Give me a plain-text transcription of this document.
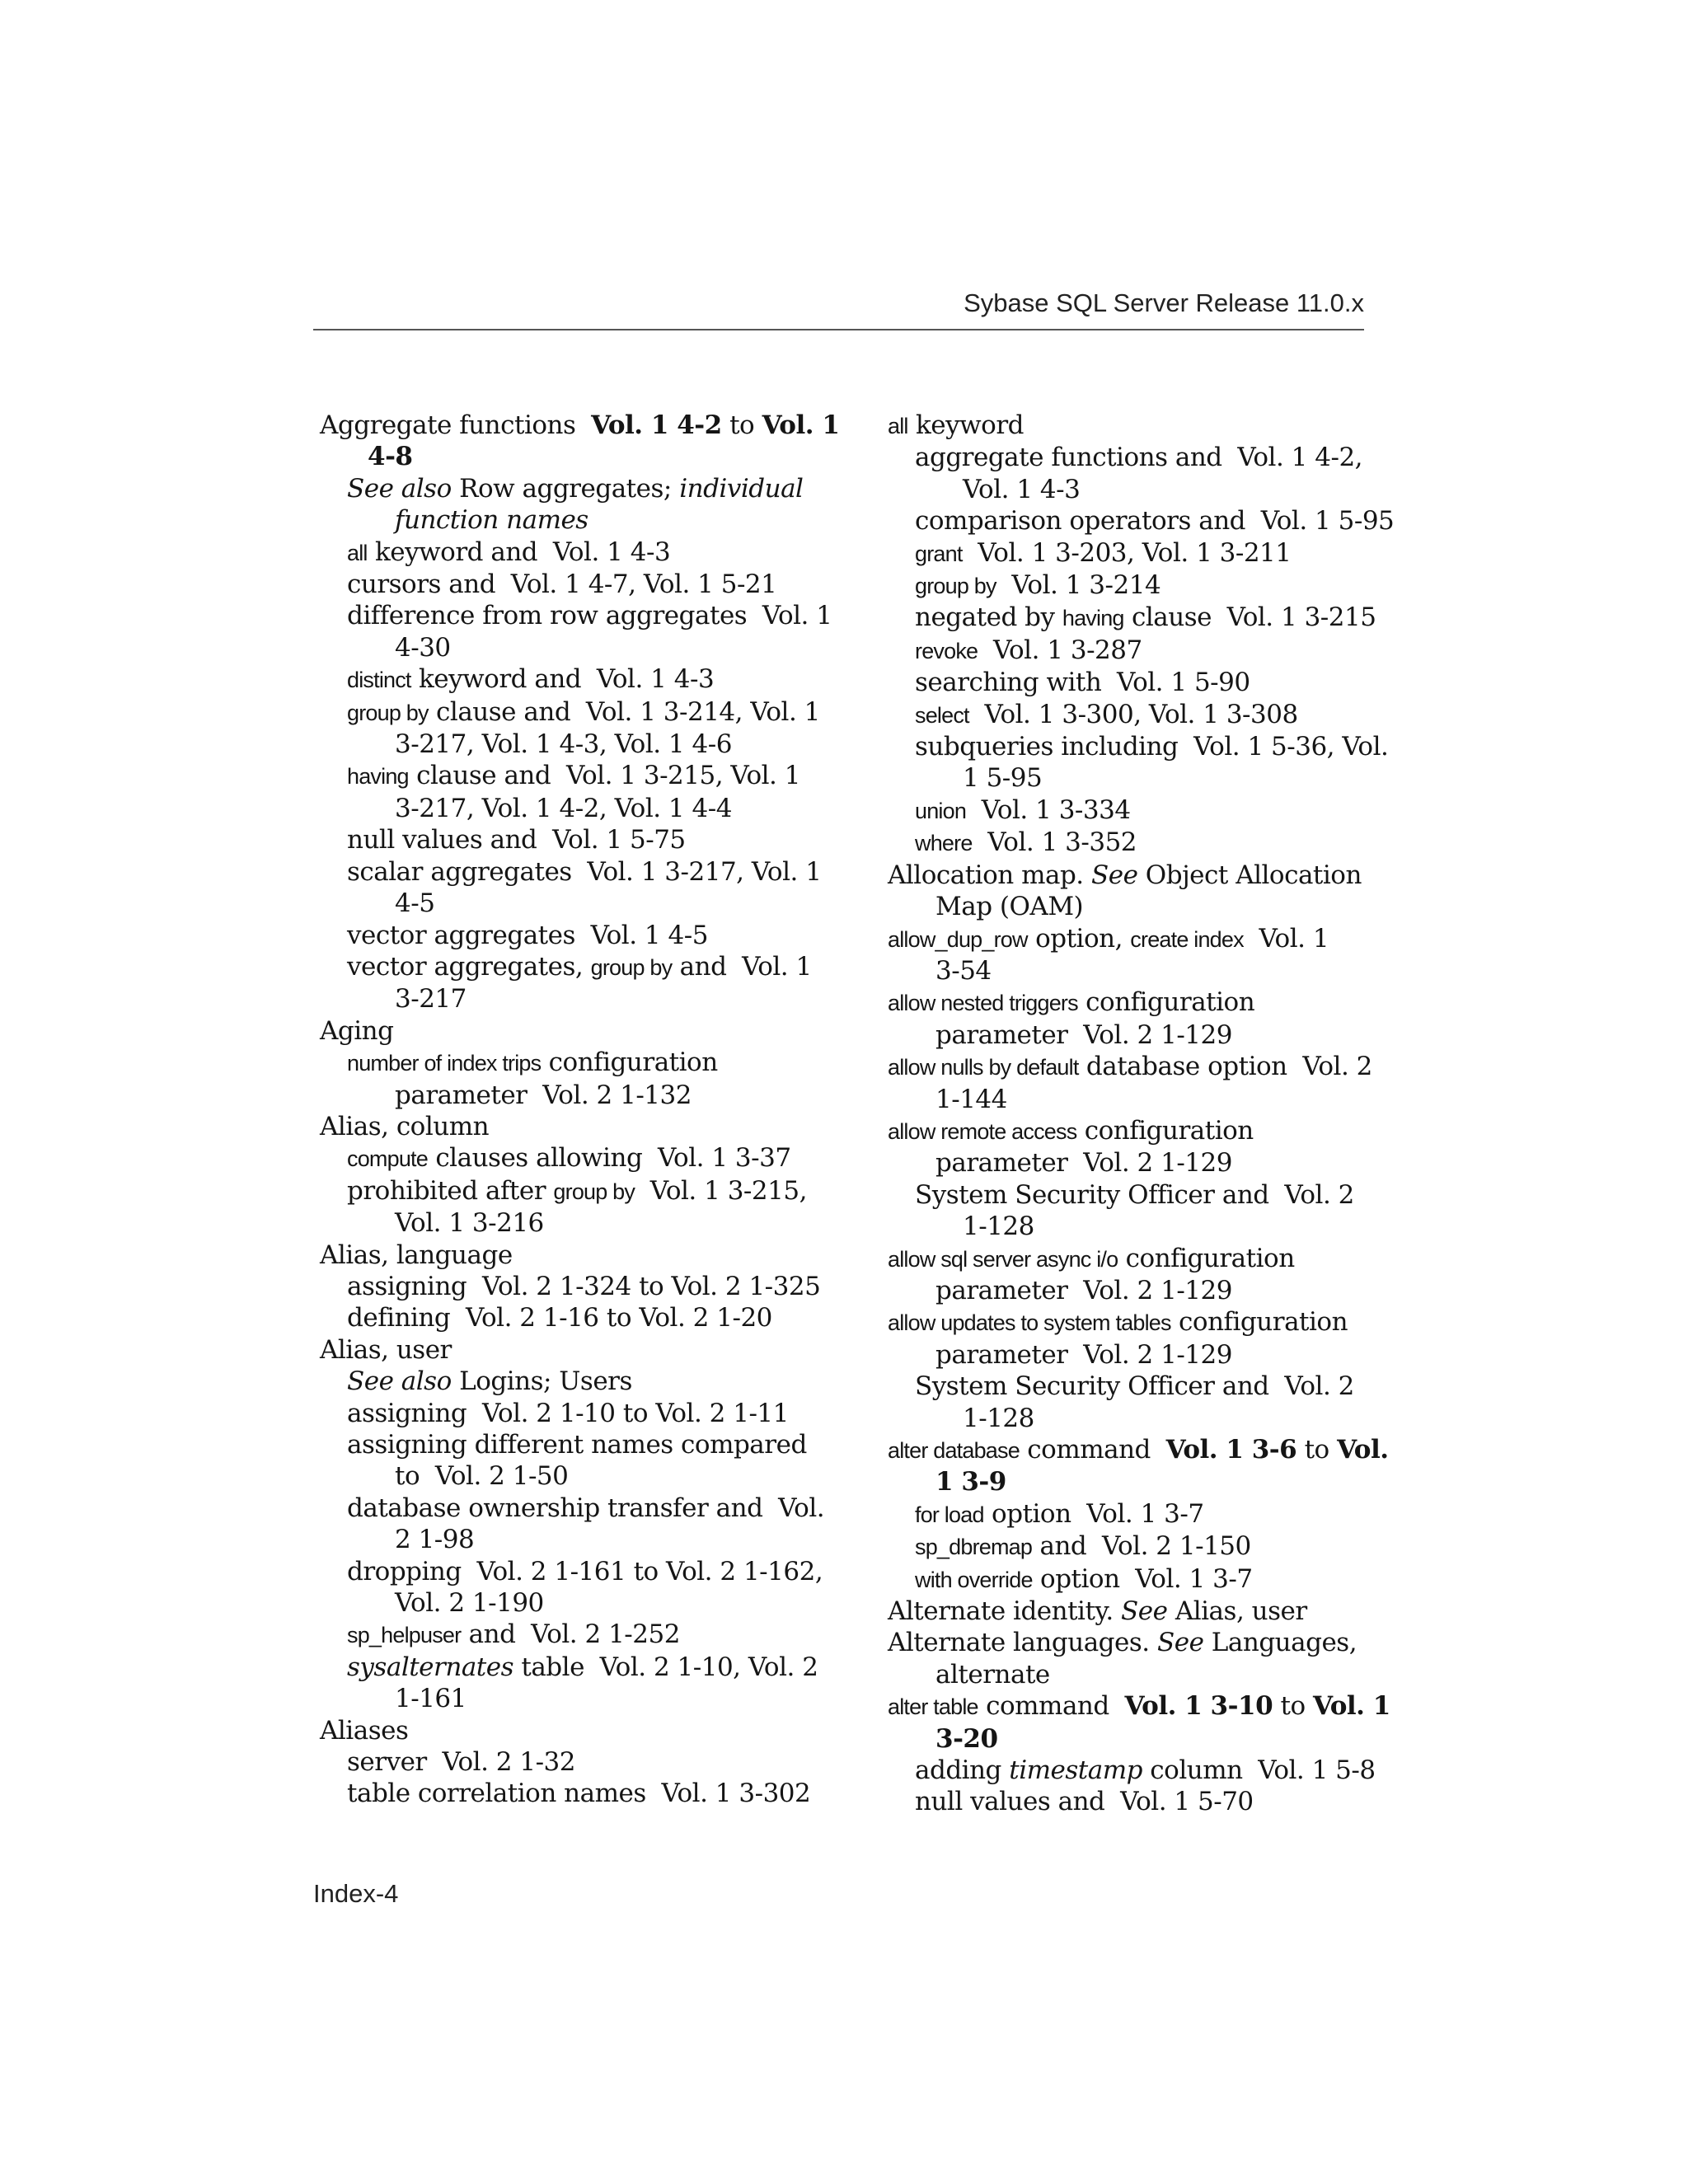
Sybase SQL Server Release 11.0.x
Aggregate functions  Vol. 1 4-2 to Vol. 1
4-8
See also Row aggregates; individual
function names
all keyword and  Vol. 1 4-3
cursors and  Vol. 1 4-7, Vol. 1 5-21
difference from row aggregates  Vol. 1
4-30
distinct keyword and  Vol. 1 4-3
group by clause and  Vol. 1 3-214, Vol. 1
3-217, Vol. 1 4-3, Vol. 1 4-6
having clause and  Vol. 1 3-215, Vol. 1
3-217, Vol. 1 4-2, Vol. 1 4-4
null values and  Vol. 1 5-75
scalar aggregates  Vol. 1 3-217, Vol. 1
4-5
vector aggregates  Vol. 1 4-5
vector aggregates, group by and  Vol. 1
3-217
Aging
number of index trips configuration
parameter  Vol. 2 1-132
Alias, column
compute clauses allowing  Vol. 1 3-37
prohibited after group by  Vol. 1 3-215,
Vol. 1 3-216
Alias, language
assigning  Vol. 2 1-324 to Vol. 2 1-325
defining  Vol. 2 1-16 to Vol. 2 1-20
Alias, user
See also Logins; Users
assigning  Vol. 2 1-10 to Vol. 2 1-11
assigning different names compared
to  Vol. 2 1-50
database ownership transfer and  Vol.
2 1-98
dropping  Vol. 2 1-161 to Vol. 2 1-162,
Vol. 2 1-190
sp_helpuser and  Vol. 2 1-252
sysalternates table  Vol. 2 1-10, Vol. 2
1-161
Aliases
server  Vol. 2 1-32
table correlation names  Vol. 1 3-302
all keyword
aggregate functions and  Vol. 1 4-2,
Vol. 1 4-3
comparison operators and  Vol. 1 5-95
grant  Vol. 1 3-203, Vol. 1 3-211
group by  Vol. 1 3-214
negated by having clause  Vol. 1 3-215
revoke  Vol. 1 3-287
searching with  Vol. 1 5-90
select  Vol. 1 3-300, Vol. 1 3-308
subqueries including  Vol. 1 5-36, Vol.
1 5-95
union  Vol. 1 3-334
where  Vol. 1 3-352
Allocation map. See Object Allocation
Map (OAM)
allow_dup_row option, create index  Vol. 1
3-54
allow nested triggers configuration
parameter  Vol. 2 1-129
allow nulls by default database option  Vol. 2
1-144
allow remote access configuration
parameter  Vol. 2 1-129
System Security Officer and  Vol. 2
1-128
allow sql server async i/o configuration
parameter  Vol. 2 1-129
allow updates to system tables configuration
parameter  Vol. 2 1-129
System Security Officer and  Vol. 2
1-128
alter database command  Vol. 1 3-6 to Vol.
1 3-9
for load option  Vol. 1 3-7
sp_dbremap and  Vol. 2 1-150
with override option  Vol. 1 3-7
Alternate identity. See Alias, user
Alternate languages. See Languages,
alternate
alter table command  Vol. 1 3-10 to Vol. 1
3-20
adding timestamp column  Vol. 1 5-8
null values and  Vol. 1 5-70
Index-4
